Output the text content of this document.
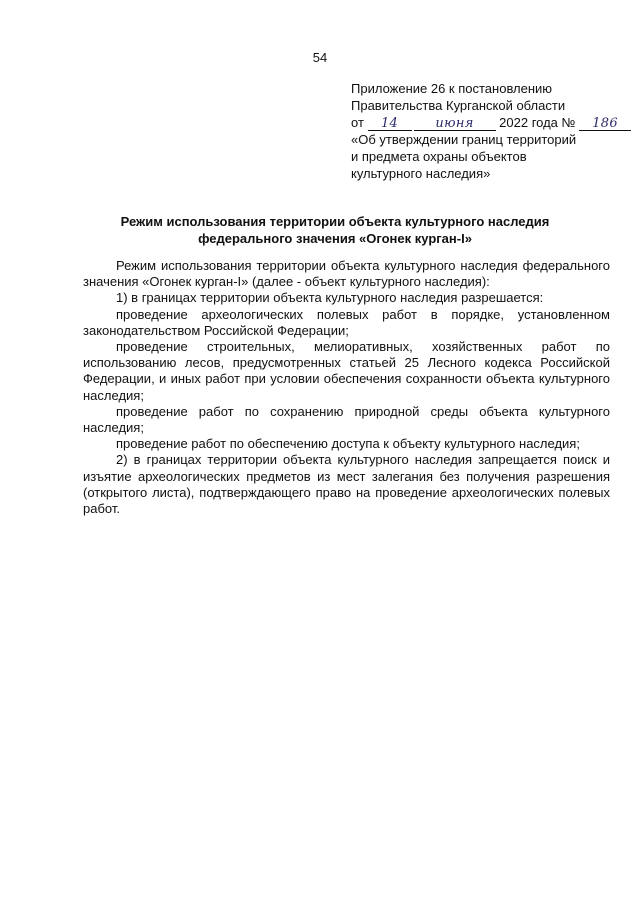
54
Приложение 26 к постановлению
Правительства Курганской области
от 14	июня 2022 года № 186
«Об утверждении границ территорий
и предмета охраны объектов
культурного наследия»
Режим использования территории объекта культурного наследия
федерального значения «Огонек курган-I»

Режим использования территории объекта культурного наследия федерального значения «Огонек курган-I» (далее - объект культурного наследия):

1) в границах территории объекта культурного наследия разрешается:

проведение археологических полевых работ в порядке, установленном законодательством Российской Федерации;

проведение строительных, мелиоративных, хозяйственных работ по использованию лесов, предусмотренных статьей 25 Лесного кодекса Российской Федерации, и иных работ при условии обеспечения сохранности объекта культурного наследия;

проведение работ по сохранению природной среды объекта культурного наследия;

проведение работ по обеспечению доступа к объекту культурного наследия;

2) в границах территории объекта культурного наследия запрещается поиск и изъятие археологических предметов из мест залегания без получения разрешения (открытого листа), подтверждающего право на проведение археологических полевых работ.
